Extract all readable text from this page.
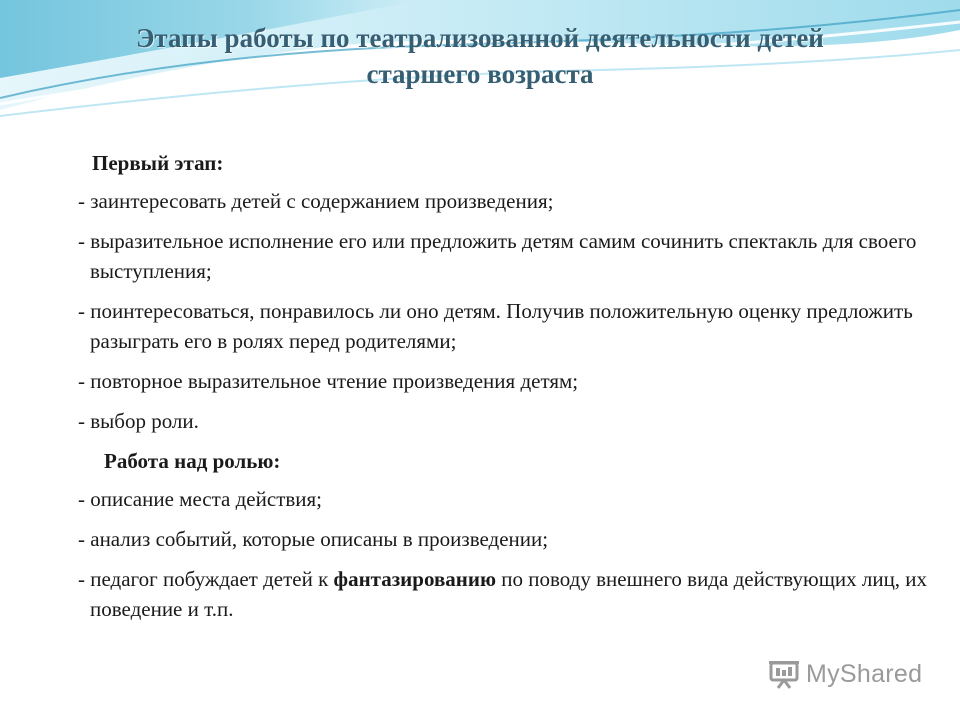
Этапы работы по театрализованной деятельности детей
старшего возраста
Первый этап:
- заинтересовать детей с содержанием произведения;
- выразительное исполнение его или предложить детям самим сочинить спектакль для своего выступления;
- поинтересоваться, понравилось ли оно детям. Получив положительную оценку предложить разыграть его в ролях перед родителями;
- повторное выразительное чтение произведения детям;
- выбор роли.
Работа над ролью:
- описание места действия;
- анализ событий, которые описаны в произведении;
- педагог побуждает детей к фантазированию по поводу внешнего вида действующих лиц, их поведение и т.п.
MyShared
